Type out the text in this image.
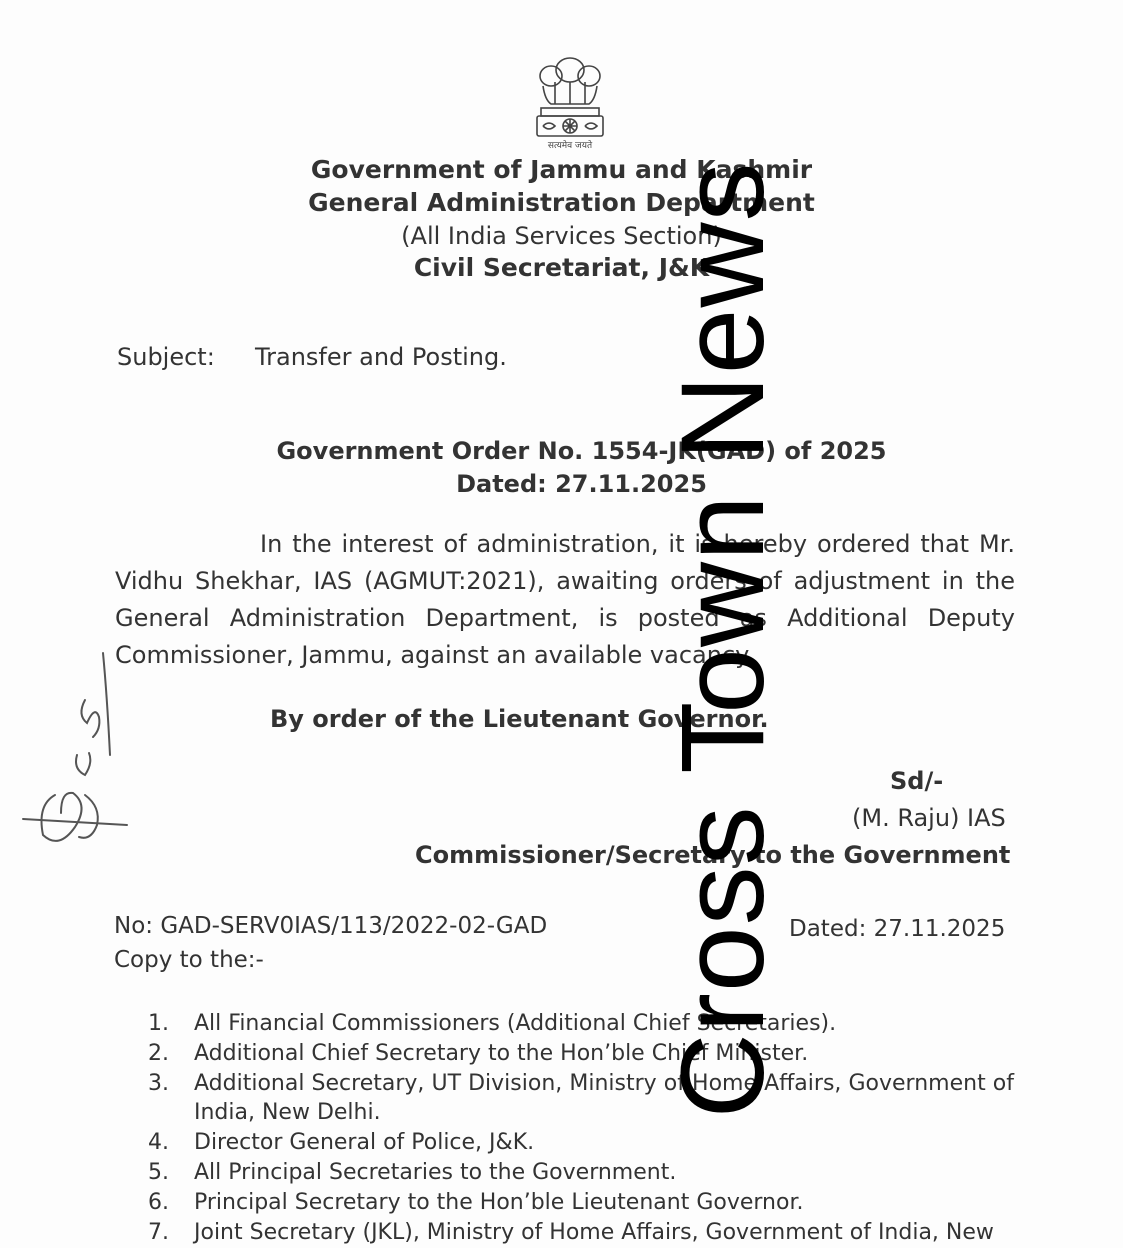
सत्यमेव जयते
Government of Jammu and Kashmir
General Administration Department
(All India Services Section)
Civil Secretariat, J&K
Subject: Transfer and Posting.
Government Order No. 1554-JK(GAD) of 2025
Dated: 27.11.2025
In the interest of administration, it is hereby ordered that Mr. Vidhu Shekhar, IAS (AGMUT:2021), awaiting orders of adjustment in the General Administration Department, is posted as Additional Deputy Commissioner, Jammu, against an available vacancy.
By order of the Lieutenant Governor.
Sd/-
(M. Raju) IAS
Commissioner/Secretary to the Government
No: GAD-SERV0IAS/113/2022-02-GAD	Dated: 27.11.2025
Copy to the:-
1. All Financial Commissioners (Additional Chief Secretaries).
2. Additional Chief Secretary to the Hon’ble Chief Minister.
3. Additional Secretary, UT Division, Ministry of Home Affairs, Government of India, New Delhi.
4. Director General of Police, J&K.
5. All Principal Secretaries to the Government.
6. Principal Secretary to the Hon’ble Lieutenant Governor.
7. Joint Secretary (JKL), Ministry of Home Affairs, Government of India, New
Cross Town News
